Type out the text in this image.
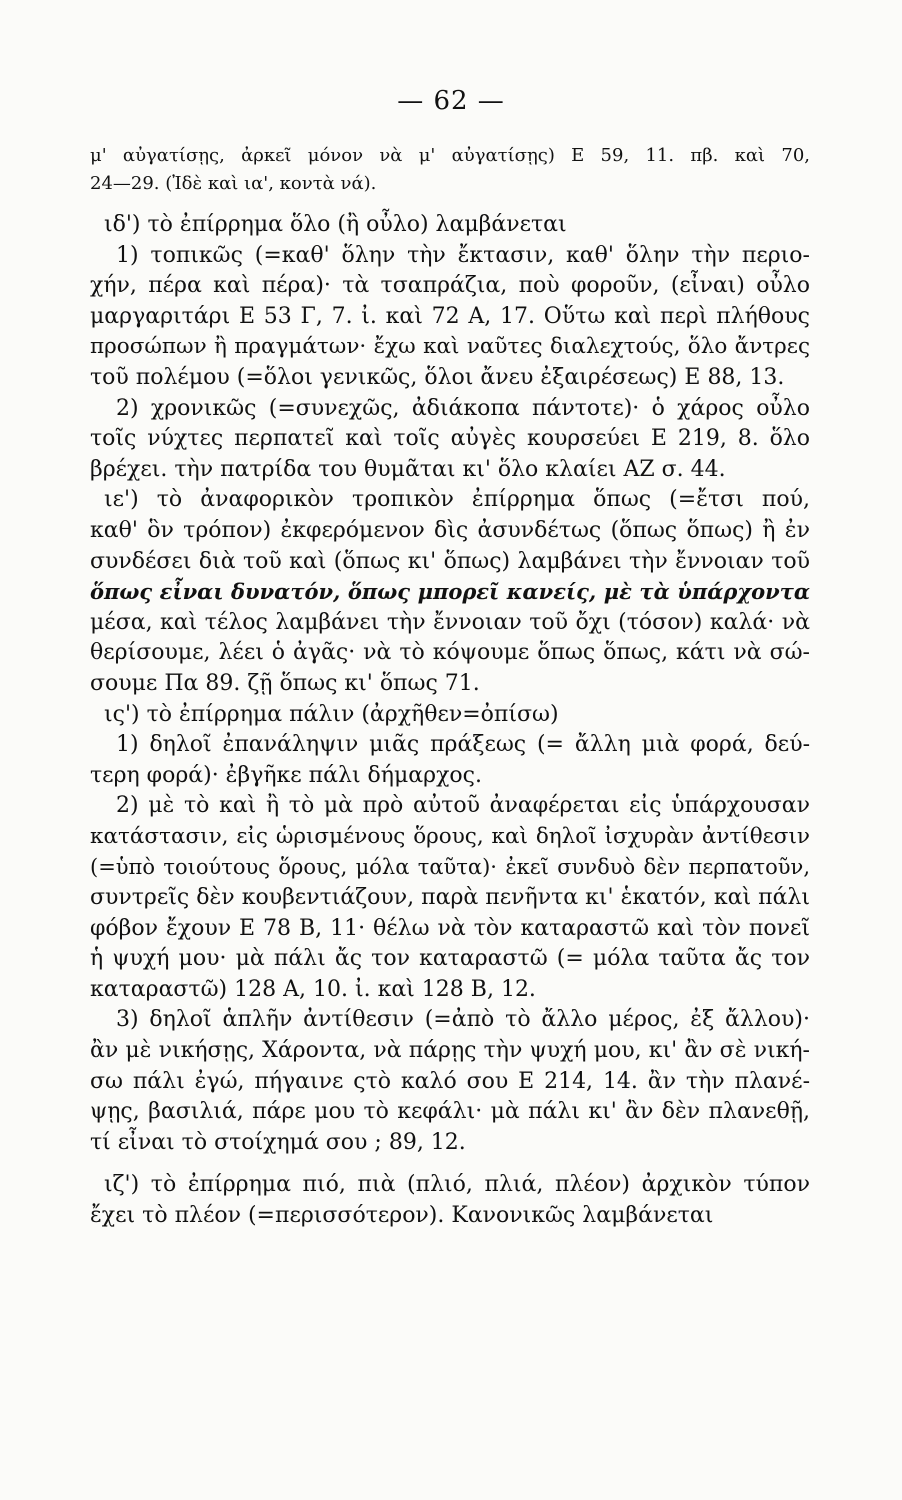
— 62 —
μ' αὐγατίσῃς, ἀρκεῖ μόνον νὰ μ' αὐγατίσῃς) Ε 59, 11. πβ. καὶ 70,
24—29. (Ἰδὲ καὶ ια', κοντὰ νά).
ιδ') τὸ ἐπίρρημα ὅλο (ἢ οὖλο) λαμβάνεται
1) τοπικῶς (=καθ' ὅλην τὴν ἔκτασιν, καθ' ὅλην τὴν περιο-
χήν, πέρα καὶ πέρα)· τὰ τσαπράζια, ποὺ φοροῦν, (εἶναι) οὖλο
μαργαριτάρι Ε 53 Γ, 7. ἰ. καὶ 72 Α, 17. Οὕτω καὶ περὶ πλήθους
προσώπων ἢ πραγμάτων· ἔχω καὶ ναῦτες διαλεχτούς, ὅλο ἄντρες
τοῦ πολέμου (=ὅλοι γενικῶς, ὅλοι ἄνευ ἐξαιρέσεως) Ε 88, 13.
2) χρονικῶς (=συνεχῶς, ἀδιάκοπα πάντοτε)· ὁ χάρος οὖλο
τοῖς νύχτες περπατεῖ καὶ τοῖς αὐγὲς κουρσεύει Ε 219, 8. ὅλο
βρέχει. τὴν πατρίδα του θυμᾶται κι' ὅλο κλαίει ΑΖ σ. 44.
ιε') τὸ ἀναφορικὸν τροπικὸν ἐπίρρημα ὅπως (=ἔτσι πού,
καθ' ὃν τρόπον) ἐκφερόμενον δὶς ἀσυνδέτως (ὅπως ὅπως) ἢ ἐν
συνδέσει διὰ τοῦ καὶ (ὅπως κι' ὅπως) λαμβάνει τὴν ἔννοιαν τοῦ
ὅπως εἶναι δυνατόν, ὅπως μπορεῖ κανείς, μὲ τὰ ὑπάρχοντα
μέσα, καὶ τέλος λαμβάνει τὴν ἔννοιαν τοῦ ὄχι (τόσον) καλά· νὰ
θερίσουμε, λέει ὁ ἀγᾶς· νὰ τὸ κόψουμε ὅπως ὅπως, κάτι νὰ σώ-
σουμε Πα 89. ζῇ ὅπως κι' ὅπως 71.
ις') τὸ ἐπίρρημα πάλιν (ἀρχῆθεν=ὀπίσω)
1) δηλοῖ ἐπανάληψιν μιᾶς πράξεως (= ἄλλη μιὰ φορά, δεύ-
τερη φορά)· ἐβγῆκε πάλι δήμαρχος.
2) μὲ τὸ καὶ ἢ τὸ μὰ πρὸ αὐτοῦ ἀναφέρεται εἰς ὑπάρχουσαν
κατάστασιν, εἰς ὡρισμένους ὅρους, καὶ δηλοῖ ἰσχυρὰν ἀντίθεσιν
(=ὑπὸ τοιούτους ὅρους, μόλα ταῦτα)· ἐκεῖ συνδυὸ δὲν περπατοῦν,
συντρεῖς δὲν κουβεντιάζουν, παρὰ πενῆντα κι' ἑκατόν, καὶ πάλι
φόβον ἔχουν Ε 78 Β, 11· θέλω νὰ τὸν καταραστῶ καὶ τὸν πονεῖ
ἡ ψυχή μου· μὰ πάλι ἄς τον καταραστῶ (= μόλα ταῦτα ἄς τον
καταραστῶ) 128 Α, 10. ἰ. καὶ 128 Β, 12.
3) δηλοῖ ἁπλῆν ἀντίθεσιν (=ἀπὸ τὸ ἄλλο μέρος, ἐξ ἄλλου)·
ἂν μὲ νικήσῃς, Χάροντα, νὰ πάρῃς τὴν ψυχή μου, κι' ἂν σὲ νική-
σω πάλι ἐγώ, πήγαινε ςτὸ καλό σου Ε 214, 14. ἂν τὴν πλανέ-
ψῃς, βασιλιά, πάρε μου τὸ κεφάλι· μὰ πάλι κι' ἂν δὲν πλανεθῇ,
τί εἶναι τὸ στοίχημά σου ; 89, 12.
ιζ') τὸ ἐπίρρημα πιό, πιὰ (πλιό, πλιά, πλέον) ἀρχικὸν τύπον
ἔχει τὸ πλέον (=περισσότερον). Κανονικῶς λαμβάνεται
